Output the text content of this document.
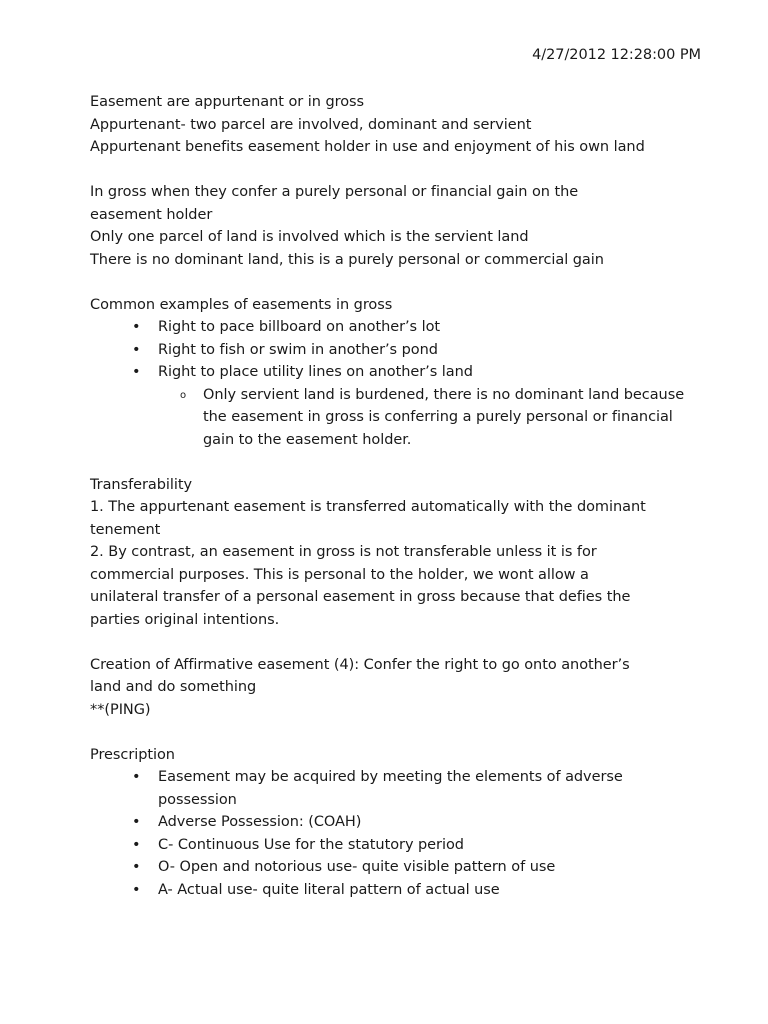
4/27/2012 12:28:00 PM
Easement are appurtenant or in gross
Appurtenant- two parcel are involved, dominant and servient
Appurtenant benefits easement holder in use and enjoyment of his own land
In gross when they confer a purely personal or financial gain on the easement holder
Only one parcel of land is involved which is the servient land
There is no dominant land, this is a purely personal or commercial gain
Common examples of easements in gross
• Right to pace billboard on another’s lot
• Right to fish or swim in another’s pond
• Right to place utility lines on another’s land
o Only servient land is burdened, there is no dominant land because the easement in gross is conferring a purely personal or financial gain to the easement holder.
Transferability
1. The appurtenant easement is transferred automatically with the dominant tenement
2. By contrast, an easement in gross is not transferable unless it is for commercial purposes. This is personal to the holder, we wont allow a unilateral transfer of a personal easement in gross because that defies the parties original intentions.
Creation of Affirmative easement (4): Confer the right to go onto another’s land and do something
**(PING)
Prescription
• Easement may be acquired by meeting the elements of adverse possession
• Adverse Possession: (COAH)
• C- Continuous Use for the statutory period
• O- Open and notorious use- quite visible pattern of use
• A- Actual use- quite literal pattern of actual use
